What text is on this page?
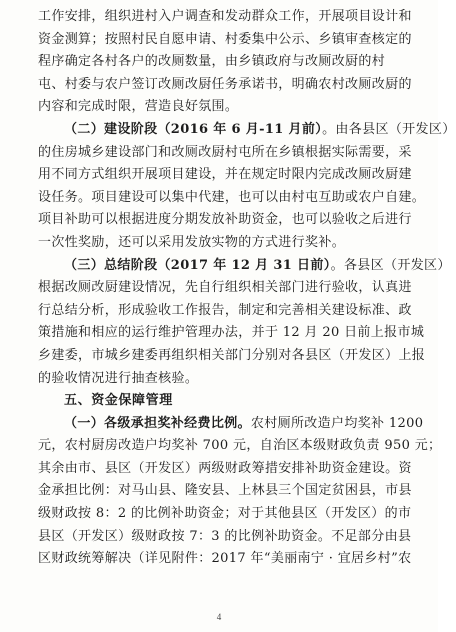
工作安排，组织进村入户调查和发动群众工作，开展项目设计和
资金测算；按照村民自愿申请、村委集中公示、乡镇审查核定的
程序确定各村各户的改厕数量，由乡镇政府与改厕改厨的村
屯、村委与农户签订改厕改厨任务承诺书，明确农村改厕改厨的
内容和完成时限，营造良好氛围。
（二）建设阶段（2016 年 6 月-11 月前）。由各县区（开发区）
的住房城乡建设部门和改厕改厨村屯所在乡镇根据实际需要，采
用不同方式组织开展项目建设，并在规定时限内完成改厕改厨建
设任务。项目建设可以集中代建，也可以由村屯互助或农户自建。
项目补助可以根据进度分期发放补助资金，也可以验收之后进行
一次性奖励，还可以采用发放实物的方式进行奖补。
（三）总结阶段（2017 年 12 月 31 日前）。各县区（开发区）
根据改厕改厨建设情况，先自行组织相关部门进行验收，认真进
行总结分析，形成验收工作报告，制定和完善相关建设标准、政
策措施和相应的运行维护管理办法，并于 12 月 20 日前上报市城
乡建委，市城乡建委再组织相关部门分别对各县区（开发区）上报
的验收情况进行抽查核验。
五、资金保障管理
（一）各级承担奖补经费比例。农村厕所改造户均奖补 1200
元，农村厨房改造户均奖补 700 元，自治区本级财政负责 950 元；
其余由市、县区（开发区）两级财政筹措安排补助资金建设。资
金承担比例：对马山县、隆安县、上林县三个国定贫困县，市县
级财政按 8：2 的比例补助资金；对于其他县区（开发区）的市
县区（开发区）级财政按 7：3 的比例补助资金。不足部分由县
区财政统筹解决（详见附件：2017 年“美丽南宁 · 宜居乡村”农
4
